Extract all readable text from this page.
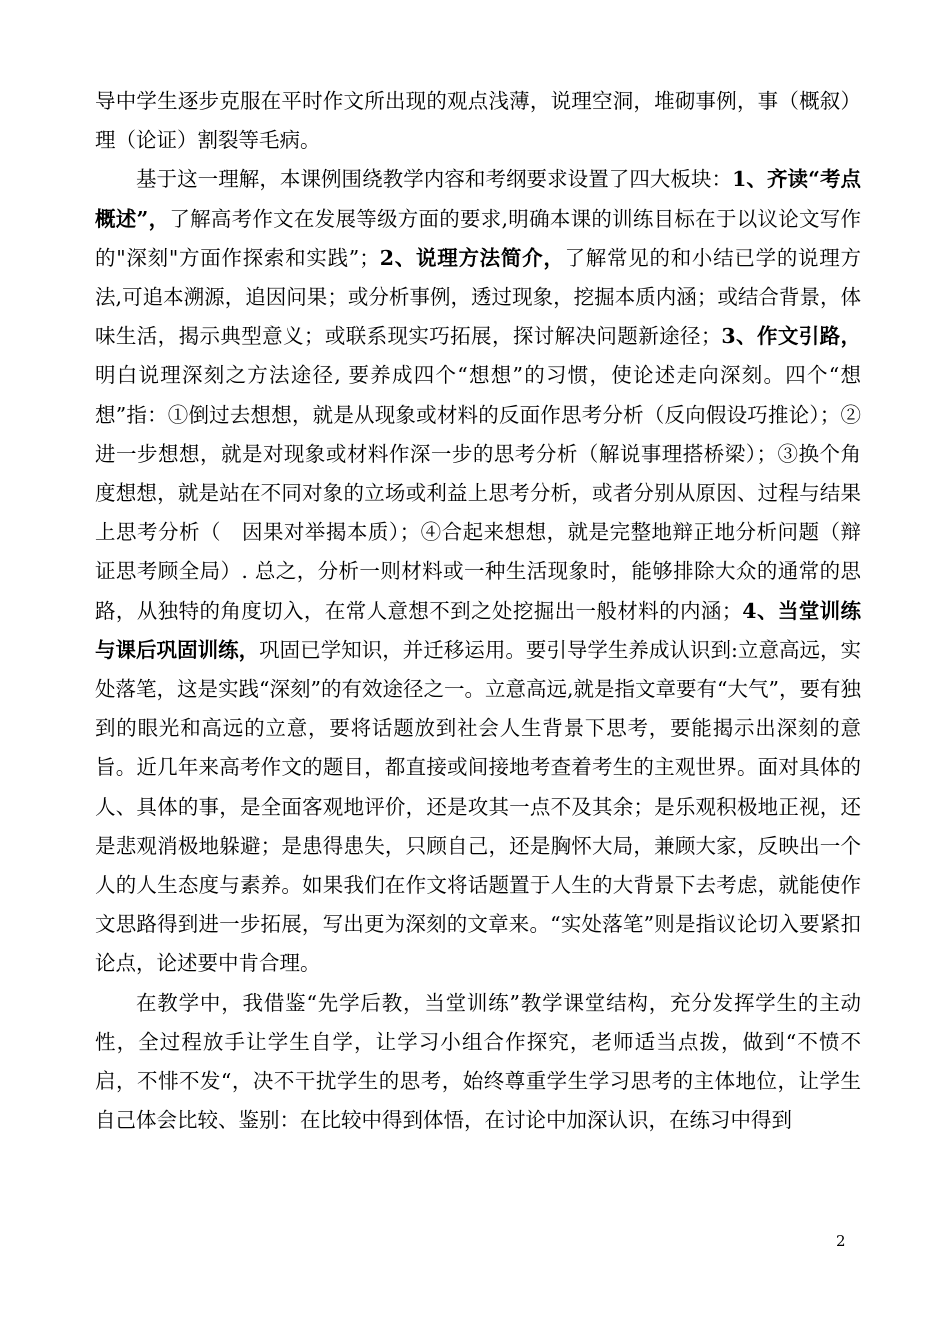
导中学生逐步克服在平时作文所出现的观点浅薄，说理空洞，堆砌事例，事（概叙）理（论证）割裂等毛病。

基于这一理解，本课例围绕教学内容和考纲要求设置了四大板块：1、齐读“考点概述”，了解高考作文在发展等级方面的要求,明确本课的训练目标在于以议论文写作的"深刻"方面作探索和实践”；2、说理方法简介，了解常见的和小结已学的说理方法,可追本溯源，追因问果；或分析事例，透过现象，挖掘本质内涵；或结合背景，体味生活，揭示典型意义；或联系现实巧拓展，探讨解决问题新途径；3、作文引路，明白说理深刻之方法途径, 要养成四个“想想”的习惯，使论述走向深刻。四个“想想”指：①倒过去想想，就是从现象或材料的反面作思考分析（反向假设巧推论）；②进一步想想，就是对现象或材料作深一步的思考分析（解说事理搭桥梁）；③换个角度想想，就是站在不同对象的立场或利益上思考分析，或者分别从原因、过程与结果上思考分析（　因果对举揭本质）；④合起来想想，就是完整地辩正地分析问题（辩证思考顾全局）. 总之，分析一则材料或一种生活现象时，能够排除大众的通常的思路，从独特的角度切入，在常人意想不到之处挖掘出一般材料的内涵；4、当堂训练与课后巩固训练，巩固已学知识，并迁移运用。要引导学生养成认识到:立意高远，实处落笔，这是实践“深刻”的有效途径之一。立意高远,就是指文章要有“大气”，要有独到的眼光和高远的立意，要将话题放到社会人生背景下思考，要能揭示出深刻的意旨。近几年来高考作文的题目，都直接或间接地考查着考生的主观世界。面对具体的人、具体的事，是全面客观地评价，还是攻其一点不及其余；是乐观积极地正视，还是悲观消极地躲避；是患得患失，只顾自己，还是胸怀大局，兼顾大家，反映出一个人的人生态度与素养。如果我们在作文将话题置于人生的大背景下去考虑，就能使作文思路得到进一步拓展，写出更为深刻的文章来。“实处落笔”则是指议论切入要紧扣论点，论述要中肯合理。

在教学中，我借鉴“先学后教，当堂训练”教学课堂结构，充分发挥学生的主动性，全过程放手让学生自学，让学习小组合作探究，老师适当点拨，做到“不愤不启，不悱不发“，决不干扰学生的思考，始终尊重学生学习思考的主体地位，让学生自己体会比较、鉴别：在比较中得到体悟，在讨论中加深认识，在练习中得到

2
